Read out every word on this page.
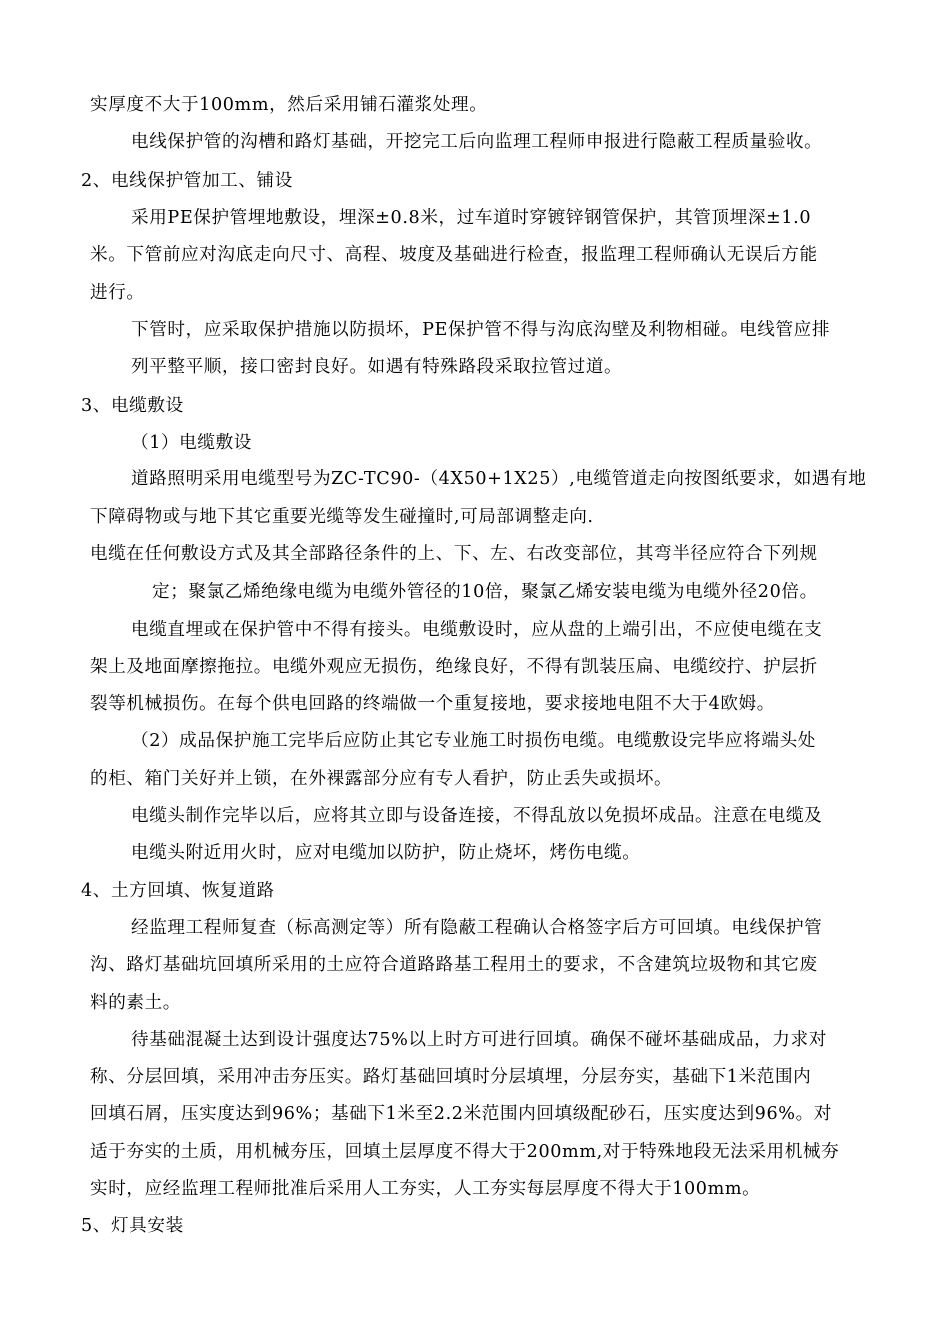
实厚度不大于100mm，然后采用铺石灌浆处理。
电线保护管的沟槽和路灯基础，开挖完工后向监理工程师申报进行隐蔽工程质量验收。
2、电线保护管加工、铺设
采用PE保护管埋地敷设，埋深±0.8米，过车道时穿镀锌钢管保护，其管顶埋深±1.0
米。下管前应对沟底走向尺寸、高程、坡度及基础进行检查，报监理工程师确认无误后方能
进行。
下管时，应采取保护措施以防损坏，PE保护管不得与沟底沟壁及利物相碰。电线管应排
列平整平顺，接口密封良好。如遇有特殊路段采取拉管过道。
3、电缆敷设
（1）电缆敷设
道路照明采用电缆型号为ZC-TC90-（4X50+1X25）,电缆管道走向按图纸要求，如遇有地
下障碍物或与地下其它重要光缆等发生碰撞时,可局部调整走向.
电缆在任何敷设方式及其全部路径条件的上、下、左、右改变部位，其弯半径应符合下列规
定；聚氯乙烯绝缘电缆为电缆外管径的10倍，聚氯乙烯安装电缆为电缆外径20倍。
电缆直埋或在保护管中不得有接头。电缆敷设时，应从盘的上端引出，不应使电缆在支
架上及地面摩擦拖拉。电缆外观应无损伤，绝缘良好，不得有凯装压扁、电缆绞拧、护层折
裂等机械损伤。在每个供电回路的终端做一个重复接地，要求接地电阻不大于4欧姆。
（2）成品保护施工完毕后应防止其它专业施工时损伤电缆。电缆敷设完毕应将端头处
的柜、箱门关好并上锁，在外裸露部分应有专人看护，防止丢失或损坏。
电缆头制作完毕以后，应将其立即与设备连接，不得乱放以免损坏成品。注意在电缆及
电缆头附近用火时，应对电缆加以防护，防止烧坏，烤伤电缆。
4、土方回填、恢复道路
经监理工程师复查（标高测定等）所有隐蔽工程确认合格签字后方可回填。电线保护管
沟、路灯基础坑回填所采用的土应符合道路路基工程用土的要求，不含建筑垃圾物和其它废
料的素土。
待基础混凝土达到设计强度达75%以上时方可进行回填。确保不碰坏基础成品，力求对
称、分层回填，采用冲击夯压实。路灯基础回填时分层填埋，分层夯实，基础下1米范围内
回填石屑，压实度达到96%；基础下1米至2.2米范围内回填级配砂石，压实度达到96%。对
适于夯实的土质，用机械夯压，回填土层厚度不得大于200mm,对于特殊地段无法采用机械夯
实时，应经监理工程师批准后采用人工夯实，人工夯实每层厚度不得大于100mm。
5、灯具安装
